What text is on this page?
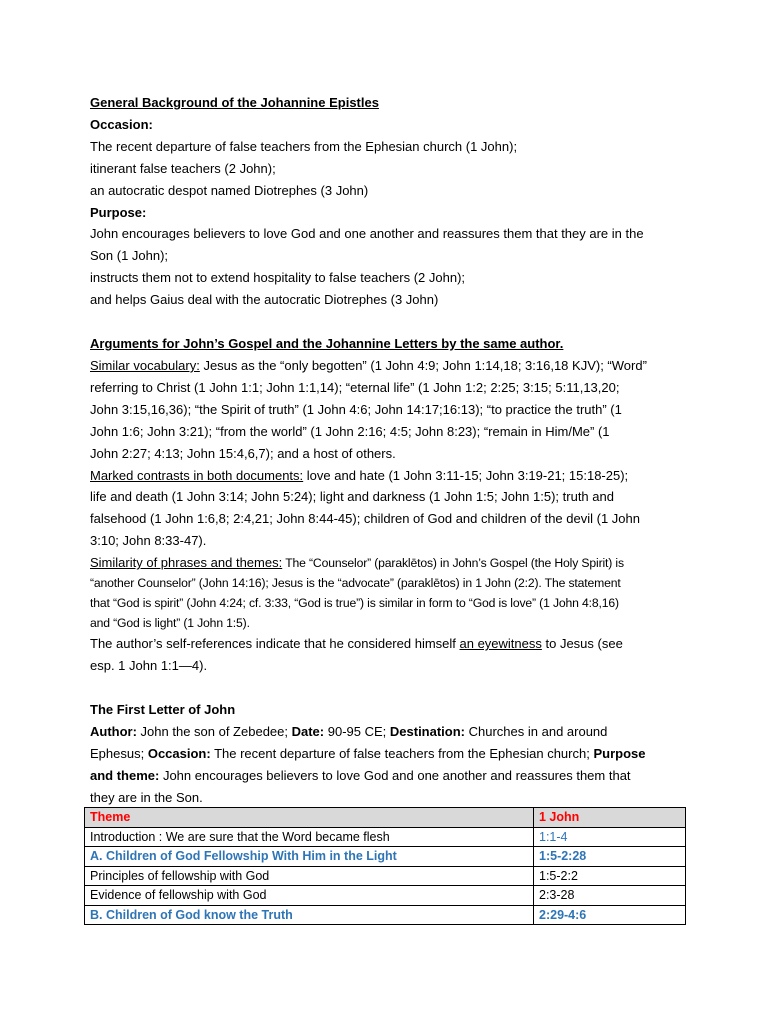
General Background of the Johannine Epistles

Occasion:

The recent departure of false teachers from the Ephesian church (1 John);

itinerant false teachers (2 John);

an autocratic despot named Diotrephes (3 John)

Purpose:

John encourages believers to love God and one another and reassures them that they are in the

Son (1 John);

instructs them not to extend hospitality to false teachers (2 John);

and helps Gaius deal with the autocratic Diotrephes (3 John)

Arguments for John’s Gospel and the Johannine Letters by the same author.

Similar vocabulary: Jesus as the “only begotten” (1 John 4:9; John 1:14,18; 3:16,18 KJV); “Word”

referring to Christ (1 John 1:1; John 1:1,14); “eternal life” (1 John 1:2; 2:25; 3:15; 5:11,13,20;

John 3:15,16,36); “the Spirit of truth” (1 John 4:6; John 14:17;16:13); “to practice the truth” (1

John 1:6; John 3:21); “from the world” (1 John 2:16; 4:5; John 8:23); “remain in Him/Me” (1

John 2:27; 4:13; John 15:4,6,7); and a host of others.

Marked contrasts in both documents: love and hate (1 John 3:11-15; John 3:19-21; 15:18-25);

life and death (1 John 3:14; John 5:24); light and darkness (1 John 1:5; John 1:5); truth and

falsehood (1 John 1:6,8; 2:4,21; John 8:44-45); children of God and children of the devil (1 John

3:10; John 8:33-47).

Similarity of phrases and themes: The “Counselor” (paraklētos) in John’s Gospel (the Holy Spirit) is

“another Counselor” (John 14:16); Jesus is the “advocate” (paraklētos) in 1 John (2:2). The statement

that “God is spirit” (John 4:24; cf. 3:33, “God is true”) is similar in form to “God is love” (1 John 4:8,16)

and “God is light” (1 John 1:5).

The author’s self-references indicate that he considered himself an eyewitness to Jesus (see

esp. 1 John 1:1—4).

The First Letter of John

Author: John the son of Zebedee; Date: 90-95 CE; Destination: Churches in and around

Ephesus; Occasion: The recent departure of false teachers from the Ephesian church; Purpose

and theme: John encourages believers to love God and one another and reassures them that

they are in the Son.

Theme	1 John
Introduction : We are sure that the Word became flesh	1:1-4
A. Children of God Fellowship With Him in the Light	1:5-2:28
Principles of fellowship with God	1:5-2:2
Evidence of fellowship with God	2:3-28
B. Children of God know the Truth	2:29-4:6
